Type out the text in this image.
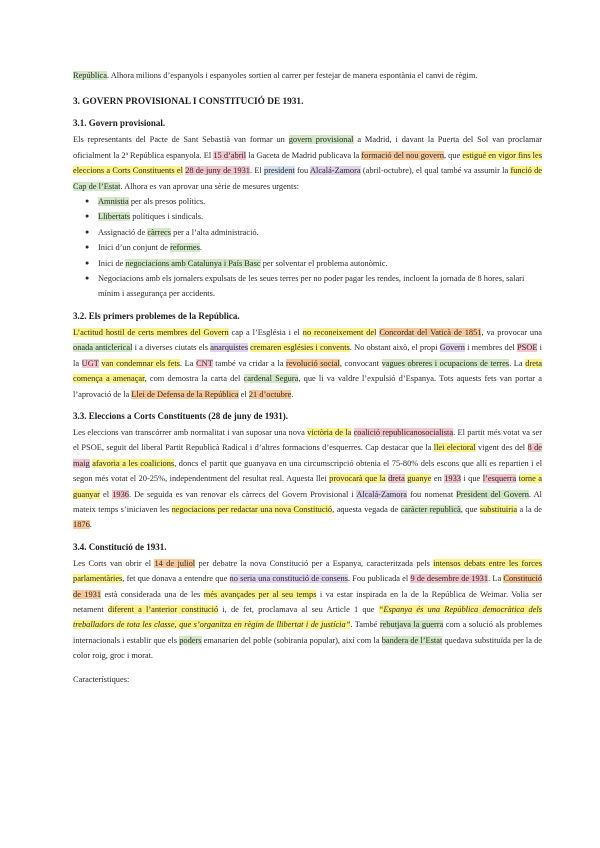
República. Alhora milions d’espanyols i espanyoles sortien al carrer per festejar de manera espontània el canvi de règim.

3. GOVERN PROVISIONAL I CONSTITUCIÓ DE 1931.
3.1. Govern provisional.

Els representants del Pacte de Sant Sebastià van formar un govern provisional a Madrid, i davant la Puerta del Sol van proclamar oficialment la 2ª República espanyola. El 15 d’abril la Gaceta de Madrid publicava la formació del nou govern, que estigué en vigor fins les eleccions a Corts Constituents el 28 de juny de 1931. El president fou Alcalá-Zamora (abril-octubre), el qual també va assumir la funció de Cap de l’Estat. Alhora es van aprovar una sèrie de mesures urgents:

● Amnistia per als presos polítics.
● Llibertats polítiques i sindicals.
● Assignació de càrrecs per a l’alta administració.
● Inici d’un conjunt de reformes.
● Inici de negociacions amb Catalunya i País Basc per solventar el problema autonòmic.
● Negociacions amb els jornalers expulsats de les seues terres per no poder pagar les rendes, incloent la jornada de 8 hores, salari mínim i assegurança per accidents.
3.2. Els primers problemes de la República.

L’actitud hostil de certs membres del Govern cap a l’Església i el no reconeixement del Concordat del Vaticà de 1851, va provocar una onada anticlerical i a diverses ciutats els anarquistes cremaren esglésies i convents. No obstant això, el propi Govern i membres del PSOE i la UGT van condemnar els fets. La CNT també va cridar a la revolució social, convocant vagues obreres i ocupacions de terres. La dreta comença a amenaçar, com demostra la carta del cardenal Segura, que li va valdre l’expulsió d’Espanya. Tots aquests fets van portar a l’aprovació de la Llei de Defensa de la República el 21 d’octubre.

3.3. Eleccions a Corts Constituents (28 de juny de 1931).

Les eleccions van transcórrer amb normalitat i van suposar una nova victòria de la coalició republicanosocialista. El partit més votat va ser el PSOE, seguit del liberal Partit Republicà Radical i d’altres formacions d’esquerres. Cap destacar que la llei electoral vigent des del 8 de maig afavoria a les coalicions, doncs el partit que guanyava en una circumscripció obtenia el 75-80% dels escons que allí es repartien i el segon més votat el 20-25%, independentment del resultat real. Aquesta llei provocarà que la dreta guanye en 1933 i que l’esquerra torne a guanyar el 1936. De seguida es van renovar els càrrecs del Govern Provisional i Alcalá-Zamora fou nomenat President del Govern. Al mateix temps s’iniciaven les negociacions per redactar una nova Constitució, aquesta vegada de caràcter republicà, que substituiria a la de 1876.

3.4. Constitució de 1931.

Les Corts van obrir el 14 de juliol per debatre la nova Constitució per a Espanya, caracteritzada pels intensos debats entre les forces parlamentàries, fet que donava a entendre que no seria una constitució de consens. Fou publicada el 9 de desembre de 1931. La Constitució de 1931 està considerada una de les més avançades per al seu temps i va estar inspirada en la de la República de Weimar. Volia ser netament diferent a l’anterior constitució i, de fet, proclamava al seu Article 1 que “Espanya és una República democràtica dels treballadors de tota les classe, que s’organitza en règim de llibertat i de justícia”. També rebutjava la guerra com a solució als problemes internacionals i establir que els poders emanarien del poble (sobirania popular), així com la bandera de l’Estat quedava substituïda per la de color roig, groc i morat.

Característiques:
